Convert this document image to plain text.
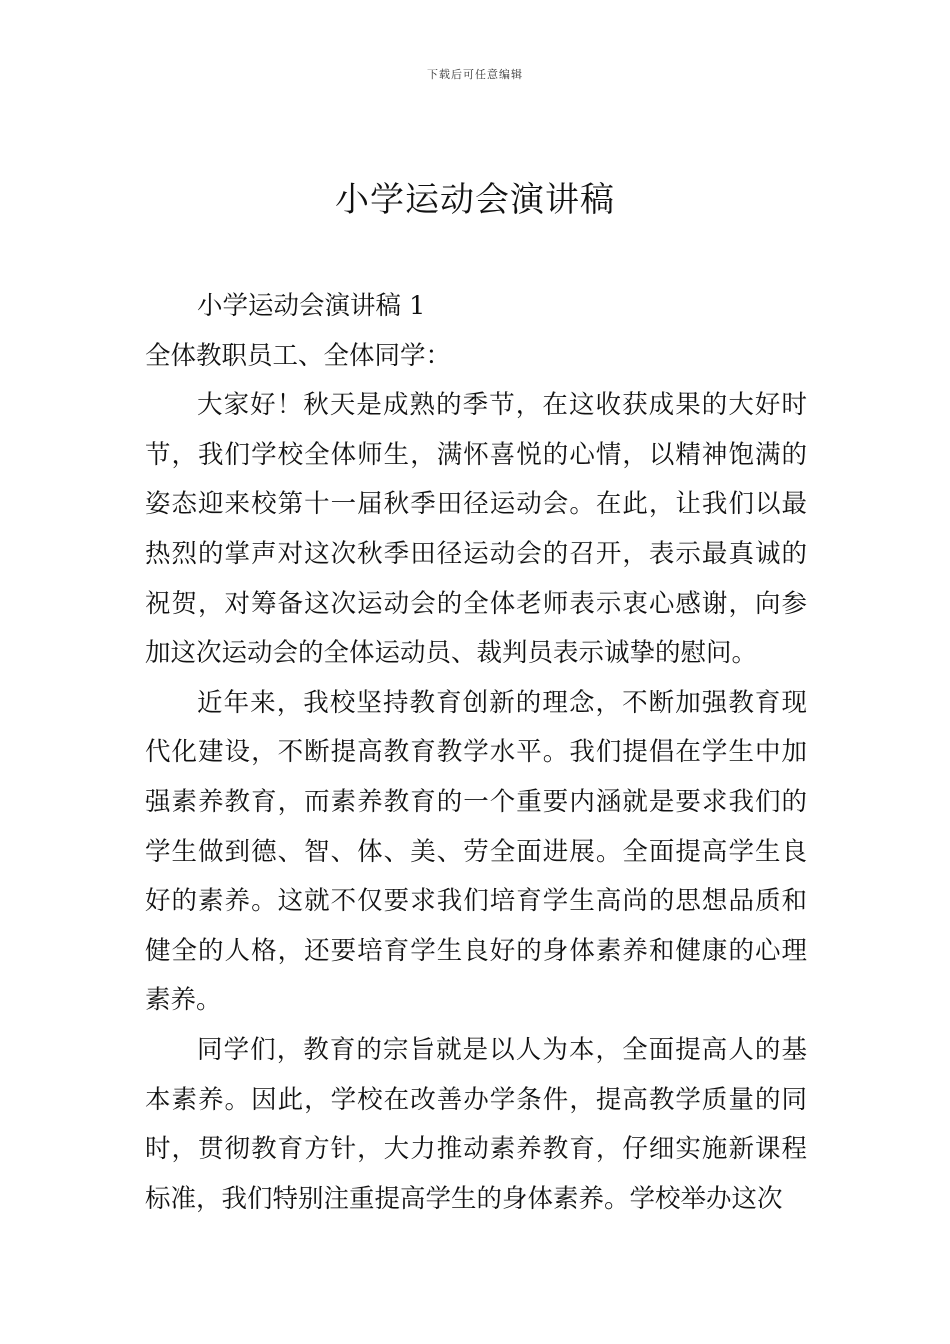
下载后可任意编辑
小学运动会演讲稿

小学运动会演讲稿 1

全体教职员工、全体同学：

大家好！秋天是成熟的季节，在这收获成果的大好时节，我们学校全体师生，满怀喜悦的心情，以精神饱满的姿态迎来校第十一届秋季田径运动会。在此，让我们以最热烈的掌声对这次秋季田径运动会的召开，表示最真诚的祝贺，对筹备这次运动会的全体老师表示衷心感谢，向参加这次运动会的全体运动员、裁判员表示诚挚的慰问。

近年来，我校坚持教育创新的理念，不断加强教育现代化建设，不断提高教育教学水平。我们提倡在学生中加强素养教育，而素养教育的一个重要内涵就是要求我们的学生做到德、智、体、美、劳全面进展。全面提高学生良好的素养。这就不仅要求我们培育学生高尚的思想品质和健全的人格，还要培育学生良好的身体素养和健康的心理素养。

同学们，教育的宗旨就是以人为本，全面提高人的基本素养。因此，学校在改善办学条件，提高教学质量的同时，贯彻教育方针，大力推动素养教育，仔细实施新课程标准，我们特别注重提高学生的身体素养。学校举办这次
